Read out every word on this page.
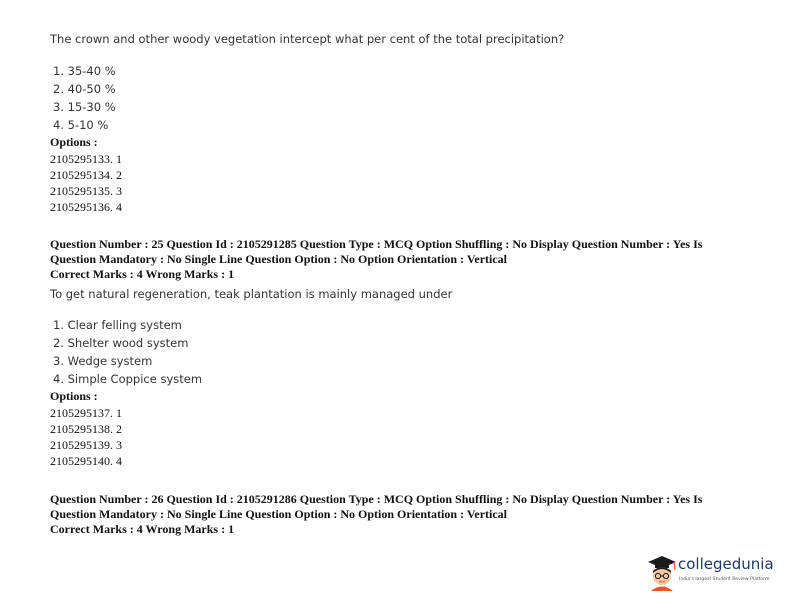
The crown and other woody vegetation intercept what per cent of the total precipitation?
1. 35-40 %
2. 40-50 %
3. 15-30 %
4. 5-10 %
Options :
2105295133. 1
2105295134. 2
2105295135. 3
2105295136. 4
Question Number : 25 Question Id : 2105291285 Question Type : MCQ Option Shuffling : No Display Question Number : Yes Is Question Mandatory : No Single Line Question Option : No Option Orientation : Vertical
Correct Marks : 4 Wrong Marks : 1
To get natural regeneration, teak plantation is mainly managed under
1. Clear felling system
2. Shelter wood system
3. Wedge system
4. Simple Coppice system
Options :
2105295137. 1
2105295138. 2
2105295139. 3
2105295140. 4
Question Number : 26 Question Id : 2105291286 Question Type : MCQ Option Shuffling : No Display Question Number : Yes Is Question Mandatory : No Single Line Question Option : No Option Orientation : Vertical
Correct Marks : 4 Wrong Marks : 1
collegedunia
India's largest Student Review Platform
